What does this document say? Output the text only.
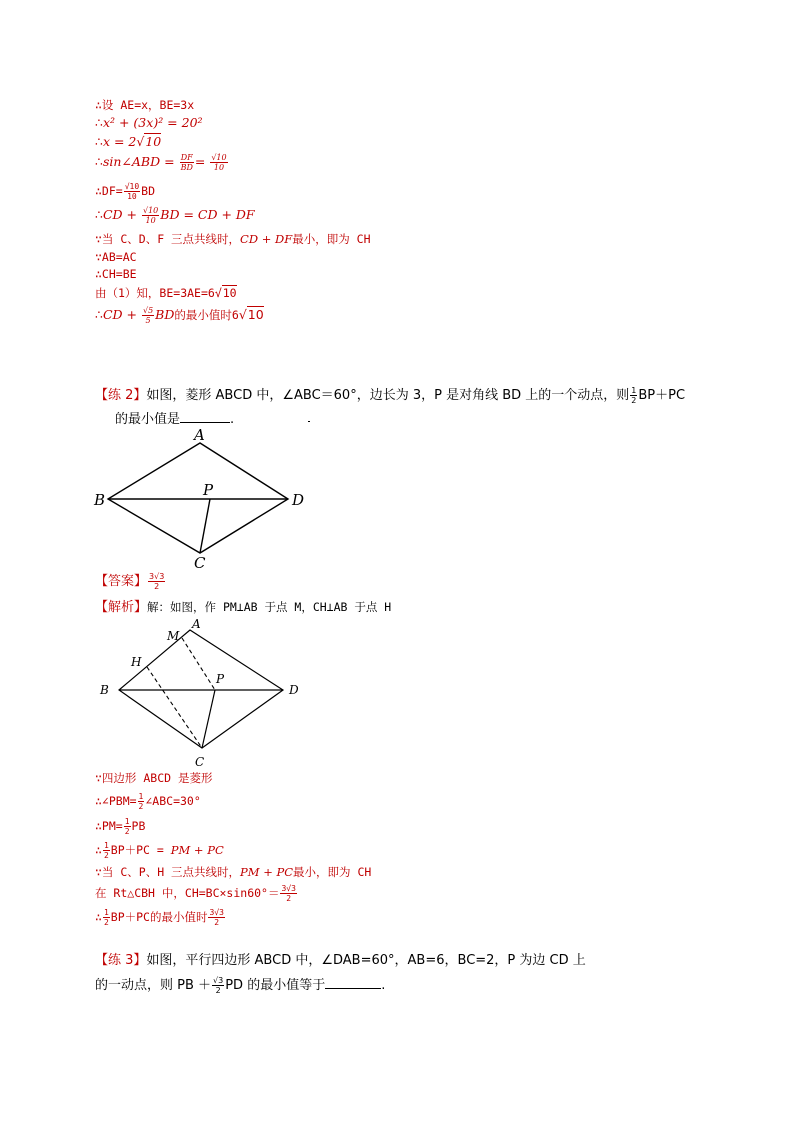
∴设 AE=x，BE=3x
∴x² + (3x)² = 20²
∴x = 2√10
∴sin∠ABD = $\frac{DF}{BD} = \frac{√10}{10}$
∴DF= $\frac{√10}{10}$ BD
∴CD + $\frac{√10}{10}$ BD = CD + DF
∵当 C、D、F 三点共线时，CD + DF最小，即为 CH
∵AB=AC
∴CH=BE
由（1）知，BE=3AE=6√10
∴CD + $\frac{√5}{5}$ BD的最小值时6√10
【练 2】如图，菱形 ABCD 中，∠ABC＝60°，边长为 3，P 是对角线 BD 上的一个动点，则 $\frac{1}{2} BP+PC$
的最小值是	.
A
B
C
D
P
【答案】 $\frac{3√3}{2}$
【解析】解：如图，作 PM⊥AB 于点 M，CH⊥AB 于点 H
A
M
H
B
P
D
C
∵四边形 ABCD 是菱形
∴∠PBM= $\frac{1}{2}$ ∠ABC=30°
∴PM= $\frac{1}{2}$ PB
∴ $\frac{1}{2} BP+PC$ = PM + PC
∵当 C、P、H 三点共线时，PM + PC最小，即为 CH
在 Rt△CBH 中，$CH=BC\times\sin 60^\circ= \frac{3√3}{2}$
∴ $\frac{1}{2} BP+PC$的最小值时 $\frac{3√3}{2}$
【练 3】如图，平行四边形 ABCD 中，∠DAB=60°，AB=6，BC=2，P 为边 CD 上
的一动点，则 PB ＋ $\frac{√3}{2}$ PD 的最小值等于	.
